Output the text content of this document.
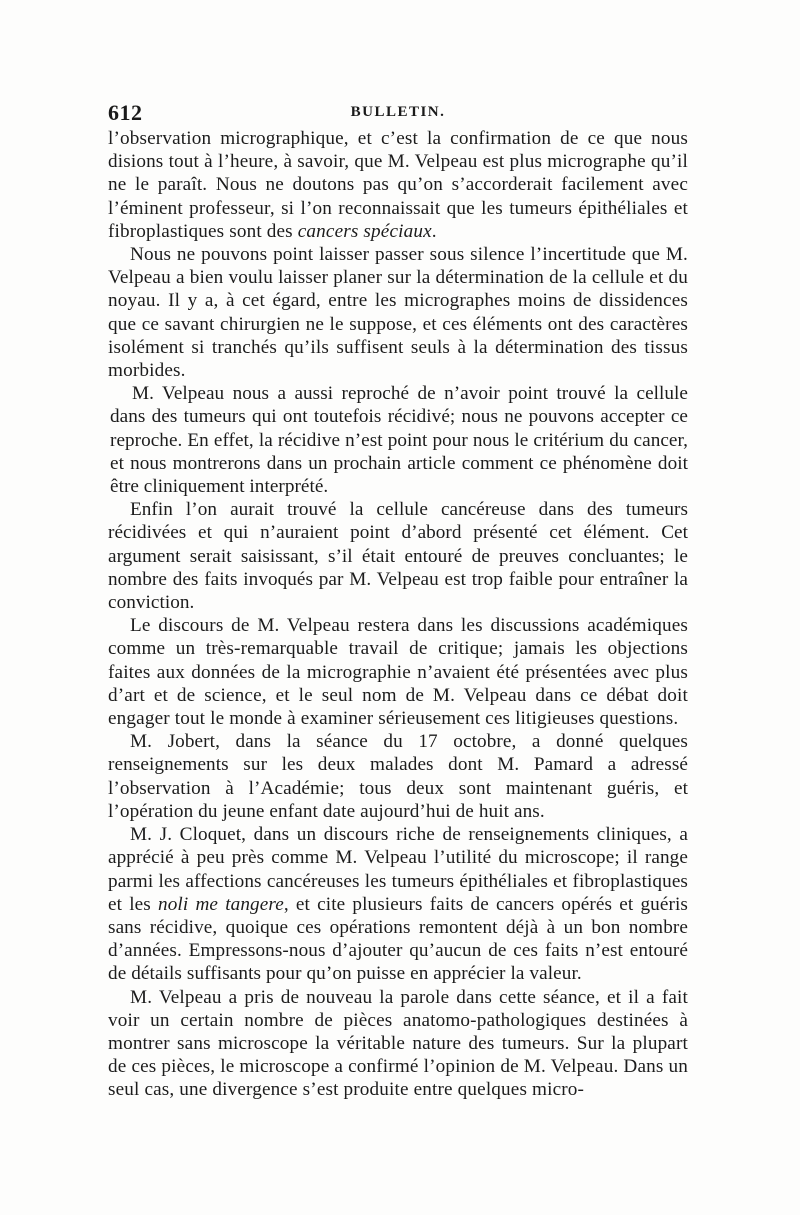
612	BULLETIN.

l’observation micrographique, et c’est la confirmation de ce que nous disions tout à l’heure, à savoir, que M. Velpeau est plus micrographe qu’il ne le paraît. Nous ne doutons pas qu’on s’accorderait facilement avec l’éminent professeur, si l’on reconnaissait que les tumeurs épithéliales et fibroplastiques sont des cancers spéciaux.

Nous ne pouvons point laisser passer sous silence l’incertitude que M. Velpeau a bien voulu laisser planer sur la détermination de la cellule et du noyau. Il y a, à cet égard, entre les micrographes moins de dissidences que ce savant chirurgien ne le suppose, et ces éléments ont des caractères isolément si tranchés qu’ils suffisent seuls à la détermination des tissus morbides.

M. Velpeau nous a aussi reproché de n’avoir point trouvé la cellule dans des tumeurs qui ont toutefois récidivé; nous ne pouvons accepter ce reproche. En effet, la récidive n’est point pour nous le critérium du cancer, et nous montrerons dans un prochain article comment ce phénomène doit être cliniquement interprété.

Enfin l’on aurait trouvé la cellule cancéreuse dans des tumeurs récidivées et qui n’auraient point d’abord présenté cet élément. Cet argument serait saisissant, s’il était entouré de preuves concluantes; le nombre des faits invoqués par M. Velpeau est trop faible pour entraîner la conviction.

Le discours de M. Velpeau restera dans les discussions académiques comme un très-remarquable travail de critique; jamais les objections faites aux données de la micrographie n’avaient été présentées avec plus d’art et de science, et le seul nom de M. Velpeau dans ce débat doit engager tout le monde à examiner sérieusement ces litigieuses questions.

M. Jobert, dans la séance du 17 octobre, a donné quelques renseignements sur les deux malades dont M. Pamard a adressé l’observation à l’Académie; tous deux sont maintenant guéris, et l’opération du jeune enfant date aujourd’hui de huit ans.

M. J. Cloquet, dans un discours riche de renseignements cliniques, a apprécié à peu près comme M. Velpeau l’utilité du microscope; il range parmi les affections cancéreuses les tumeurs épithéliales et fibroplastiques et les noli me tangere, et cite plusieurs faits de cancers opérés et guéris sans récidive, quoique ces opérations remontent déjà à un bon nombre d’années. Empressons-nous d’ajouter qu’aucun de ces faits n’est entouré de détails suffisants pour qu’on puisse en apprécier la valeur.

M. Velpeau a pris de nouveau la parole dans cette séance, et il a fait voir un certain nombre de pièces anatomo-pathologiques destinées à montrer sans microscope la véritable nature des tumeurs. Sur la plupart de ces pièces, le microscope a confirmé l’opinion de M. Velpeau. Dans un seul cas, une divergence s’est produite entre quelques micro-
